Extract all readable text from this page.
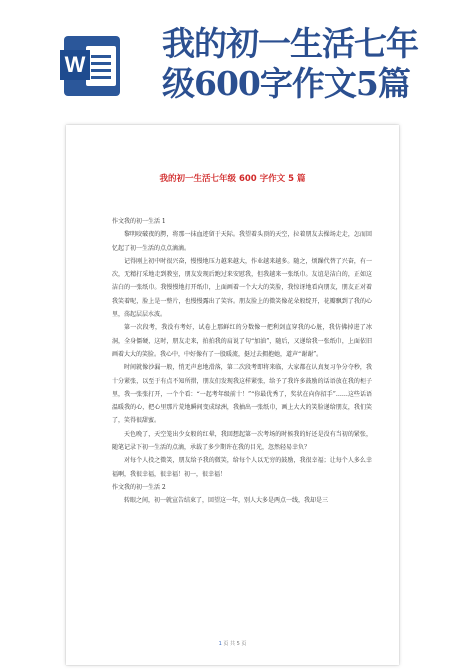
W
我的初一生活七年
级600字作文5篇
我的初一生活七年级 600 字作文 5 篇

作文我的初一生活 1

黎明咬破夜的腭，将那一抹血迹留于天际。我望着头顶的天空，拉着朋友去操场走走，怎而回忆起了初一生活的点点滴滴。

记得刚上初中时很兴奋，慢慢地压力越来越大，作业越来越多。随之，烦躁代替了兴奋，有一次，无精打采地走到教室，朋友发现后跑过来安慰我，但我越来一张纸巾。友谊是洁白的，正如这洁白的一张纸巾。我慢慢地打开纸巾，上面画着一个大大的笑脸，我惊讶地看向朋友，朋友正对着我笑着呢，脸上是一整片，也慢慢露出了笑容。朋友脸上的微笑像花朵般绽开，花瓣飘到了我的心里，荡起层层水波。

第一次段考，我没有考好，试卷上那鲜红的分数像一把利剑直穿我的心脏，我仿佛掉进了冰洞，全身僵硬，这时，朋友走来，拍拍我的肩说了句“加油”，随后，又递给我一张纸巾，上面依旧画着大大的笑脸。我心中，中好像有了一股暖流，挺过去拥抱她，道声“谢谢”。

时间就像沙漏一般，悄无声息地滑落，第二次段考即将来临，大家都在认真复习争分夺秒，我十分紧张，以至于有点不知所措，朋友们发现我这样紧张，给予了我许多鼓励的话语放在我的柜子里，我一张张打开，一个个看：“一起考年级前十！”“你最优秀了，奖状在向你招手”……这些话语温暖我的心，把心里那片荒地瞬间变成绿洲，我抽出一张纸巾，画上大大的笑脸递给朋友，我们笑了，笑得很甜蜜。

天色晚了，天空笼出少女般的红晕，我回想起第一次考场的时候我的好还是没有当初的紧张，随笔记录下初一生活的点滴，承载了多少期许在我的目光，忽然轻易幸负？

对每个人投之微笑，朋友给予我的微笑，给每个人以无穷的鼓励，我很幸福；让每个人多么幸福啊，我很幸福，很幸福！初一，很幸福！

作文我的初一生活 2

转眼之间，初一就宣告结束了，回望这一年，别人大多是两点一线，我却是三

1 页 共 5 页
